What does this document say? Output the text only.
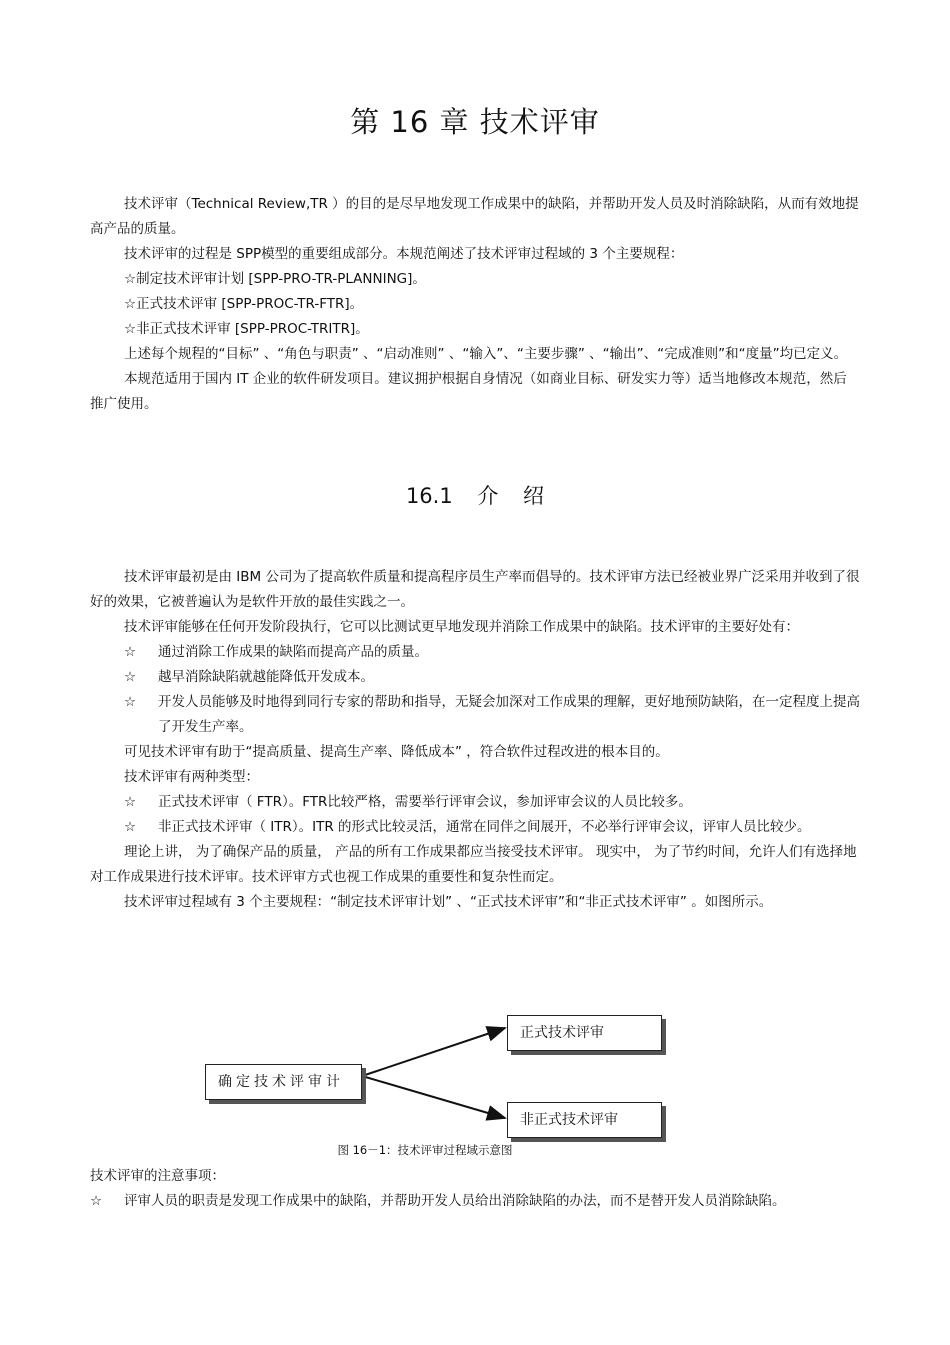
第 16 章 技术评审

技术评审（Technical Review,TR ）的目的是尽早地发现工作成果中的缺陷，并帮助开发人员及时消除缺陷，从而有效地提高产品的质量。

技术评审的过程是 SPP模型的重要组成部分。本规范阐述了技术评审过程域的 3 个主要规程：

☆制定技术评审计划 [SPP-PRO-TR-PLANNING]。

☆正式技术评审 [SPP-PROC-TR-FTR]。

☆非正式技术评审 [SPP-PROC-TRITR]。

上述每个规程的“目标” 、“角色与职责” 、“启动准则” 、“输入”、“主要步骤” 、“输出”、“完成准则”和“度量”均已定义。

本规范适用于国内 IT 企业的软件研发项目。建议拥护根据自身情况（如商业目标、研发实力等）适当地修改本规范，然后推广使用。

16.1 介 绍

技术评审最初是由 IBM 公司为了提高软件质量和提高程序员生产率而倡导的。技术评审方法已经被业界广泛采用并收到了很好的效果，它被普遍认为是软件开放的最佳实践之一。

技术评审能够在任何开发阶段执行，它可以比测试更早地发现并消除工作成果中的缺陷。技术评审的主要好处有：

☆ 通过消除工作成果的缺陷而提高产品的质量。

☆ 越早消除缺陷就越能降低开发成本。

☆ 开发人员能够及时地得到同行专家的帮助和指导，无疑会加深对工作成果的理解，更好地预防缺陷，在一定程度上提高了开发生产率。

可见技术评审有助于“提高质量、提高生产率、降低成本” ，符合软件过程改进的根本目的。

技术评审有两种类型：

☆ 正式技术评审（ FTR）。FTR比较严格，需要举行评审会议，参加评审会议的人员比较多。

☆ 非正式技术评审（ ITR）。ITR 的形式比较灵活，通常在同伴之间展开，不必举行评审会议，评审人员比较少。

理论上讲， 为了确保产品的质量， 产品的所有工作成果都应当接受技术评审。 现实中， 为了节约时间，允许人们有选择地对工作成果进行技术评审。技术评审方式也视工作成果的重要性和复杂性而定。

技术评审过程域有 3 个主要规程：“制定技术评审计划” 、“正式技术评审”和“非正式技术评审” 。如图所示。

确定技术评审计
正式技术评审
非正式技术评审
图 16－1：技术评审过程域示意图

技术评审的注意事项：

☆ 评审人员的职责是发现工作成果中的缺陷，并帮助开发人员给出消除缺陷的办法，而不是替开发人员消除缺陷。
